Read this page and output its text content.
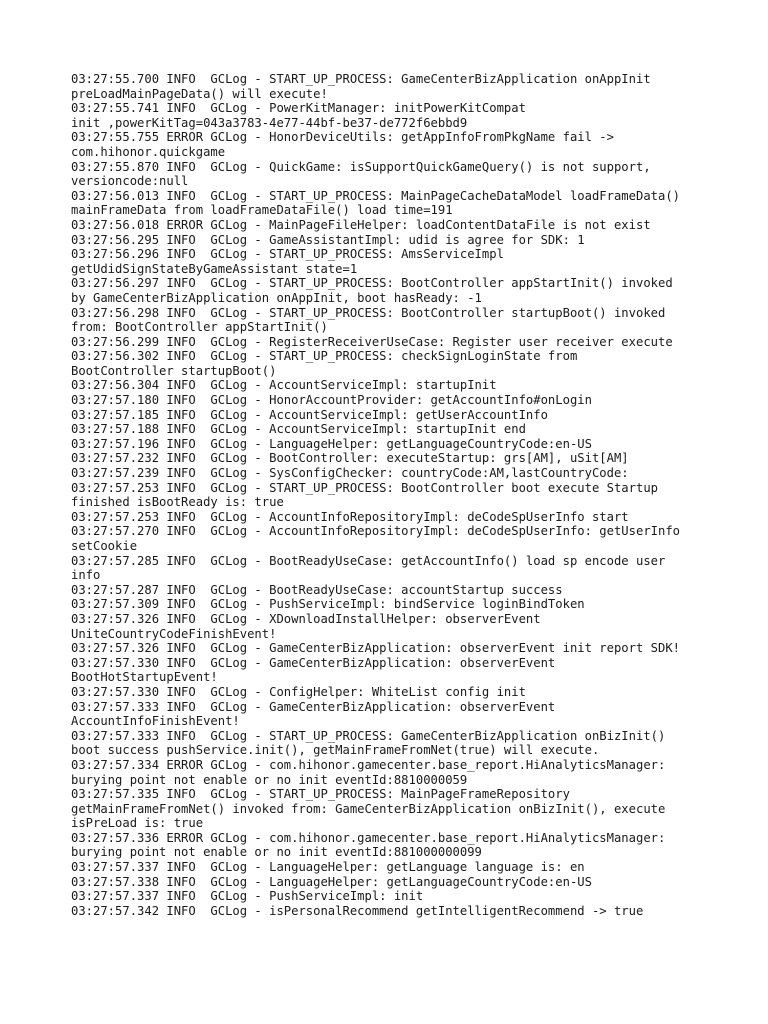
03:27:55.700 INFO  GCLog - START_UP_PROCESS: GameCenterBizApplication onAppInit
preLoadMainPageData() will execute!
03:27:55.741 INFO  GCLog - PowerKitManager: initPowerKitCompat
init ,powerKitTag=043a3783-4e77-44bf-be37-de772f6ebbd9
03:27:55.755 ERROR GCLog - HonorDeviceUtils: getAppInfoFromPkgName fail ->
com.hihonor.quickgame
03:27:55.870 INFO  GCLog - QuickGame: isSupportQuickGameQuery() is not support,
versioncode:null
03:27:56.013 INFO  GCLog - START_UP_PROCESS: MainPageCacheDataModel loadFrameData()
mainFrameData from loadFrameDataFile() load time=191
03:27:56.018 ERROR GCLog - MainPageFileHelper: loadContentDataFile is not exist
03:27:56.295 INFO  GCLog - GameAssistantImpl: udid is agree for SDK: 1
03:27:56.296 INFO  GCLog - START_UP_PROCESS: AmsServiceImpl
getUdidSignStateByGameAssistant state=1
03:27:56.297 INFO  GCLog - START_UP_PROCESS: BootController appStartInit() invoked
by GameCenterBizApplication onAppInit, boot hasReady: -1
03:27:56.298 INFO  GCLog - START_UP_PROCESS: BootController startupBoot() invoked
from: BootController appStartInit()
03:27:56.299 INFO  GCLog - RegisterReceiverUseCase: Register user receiver execute
03:27:56.302 INFO  GCLog - START_UP_PROCESS: checkSignLoginState from
BootController startupBoot()
03:27:56.304 INFO  GCLog - AccountServiceImpl: startupInit
03:27:57.180 INFO  GCLog - HonorAccountProvider: getAccountInfo#onLogin
03:27:57.185 INFO  GCLog - AccountServiceImpl: getUserAccountInfo
03:27:57.188 INFO  GCLog - AccountServiceImpl: startupInit end
03:27:57.196 INFO  GCLog - LanguageHelper: getLanguageCountryCode:en-US
03:27:57.232 INFO  GCLog - BootController: executeStartup: grs[AM], uSit[AM]
03:27:57.239 INFO  GCLog - SysConfigChecker: countryCode:AM,lastCountryCode:
03:27:57.253 INFO  GCLog - START_UP_PROCESS: BootController boot execute Startup
finished isBootReady is: true
03:27:57.253 INFO  GCLog - AccountInfoRepositoryImpl: deCodeSpUserInfo start
03:27:57.270 INFO  GCLog - AccountInfoRepositoryImpl: deCodeSpUserInfo: getUserInfo
setCookie
03:27:57.285 INFO  GCLog - BootReadyUseCase: getAccountInfo() load sp encode user
info
03:27:57.287 INFO  GCLog - BootReadyUseCase: accountStartup success
03:27:57.309 INFO  GCLog - PushServiceImpl: bindService loginBindToken
03:27:57.326 INFO  GCLog - XDownloadInstallHelper: observerEvent
UniteCountryCodeFinishEvent!
03:27:57.326 INFO  GCLog - GameCenterBizApplication: observerEvent init report SDK!
03:27:57.330 INFO  GCLog - GameCenterBizApplication: observerEvent
BootHotStartupEvent!
03:27:57.330 INFO  GCLog - ConfigHelper: WhiteList config init
03:27:57.333 INFO  GCLog - GameCenterBizApplication: observerEvent
AccountInfoFinishEvent!
03:27:57.333 INFO  GCLog - START_UP_PROCESS: GameCenterBizApplication onBizInit()
boot success pushService.init(), getMainFrameFromNet(true) will execute.
03:27:57.334 ERROR GCLog - com.hihonor.gamecenter.base_report.HiAnalyticsManager:
burying point not enable or no init eventId:8810000059
03:27:57.335 INFO  GCLog - START_UP_PROCESS: MainPageFrameRepository
getMainFrameFromNet() invoked from: GameCenterBizApplication onBizInit(), execute
isPreLoad is: true
03:27:57.336 ERROR GCLog - com.hihonor.gamecenter.base_report.HiAnalyticsManager:
burying point not enable or no init eventId:881000000099
03:27:57.337 INFO  GCLog - LanguageHelper: getLanguage language is: en
03:27:57.338 INFO  GCLog - LanguageHelper: getLanguageCountryCode:en-US
03:27:57.337 INFO  GCLog - PushServiceImpl: init
03:27:57.342 INFO  GCLog - isPersonalRecommend getIntelligentRecommend -> true
